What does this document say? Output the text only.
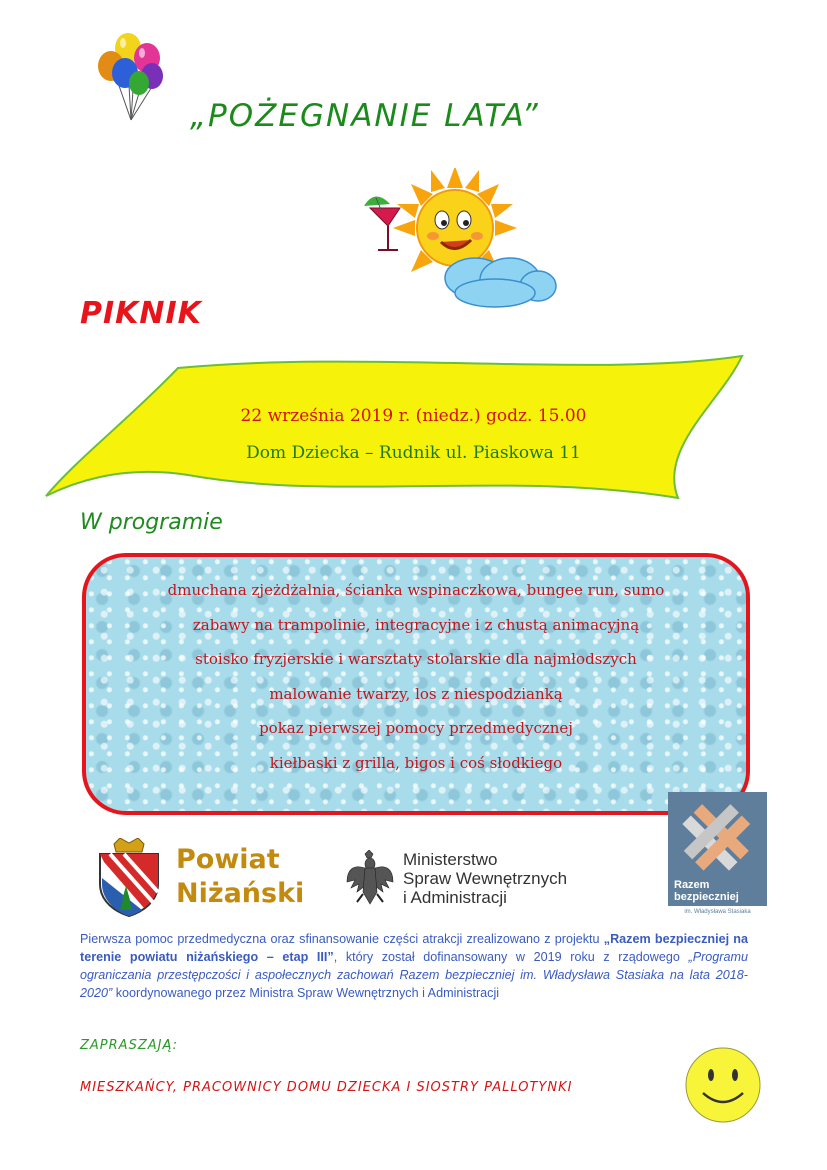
„POŻEGNANIE LATA”
PIKNIK
22 września 2019 r. (niedz.) godz. 15.00
Dom Dziecka – Rudnik ul. Piaskowa 11
W programie
dmuchana zjeżdżalnia, ścianka wspinaczkowa, bungee run, sumo
zabawy na trampolinie, integracyjne i z chustą animacyjną
stoisko fryzjerskie i warsztaty stolarskie dla najmłodszych
malowanie twarzy, los z niespodzianką
pokaz pierwszej pomocy przedmedycznej
kiełbaski z grilla, bigos i coś słodkiego
Powiat
Niżański
Ministerstwo
Spraw Wewnętrznych
i Administracji
Razem
bezpieczniej
im. Władysława Stasiaka
Pierwsza pomoc przedmedyczna oraz sfinansowanie części atrakcji zrealizowano z projektu „Razem bezpieczniej na terenie powiatu niżańskiego – etap III”, który został dofinansowany w 2019 roku z rządowego „Programu ograniczania przestępczości i aspołecznych zachowań Razem bezpieczniej im. Władysława Stasiaka na lata 2018-2020” koordynowanego przez Ministra Spraw Wewnętrznych i Administracji
ZAPRASZAJĄ:
MIESZKAŃCY, PRACOWNICY DOMU DZIECKA I SIOSTRY PALLOTYNKI
